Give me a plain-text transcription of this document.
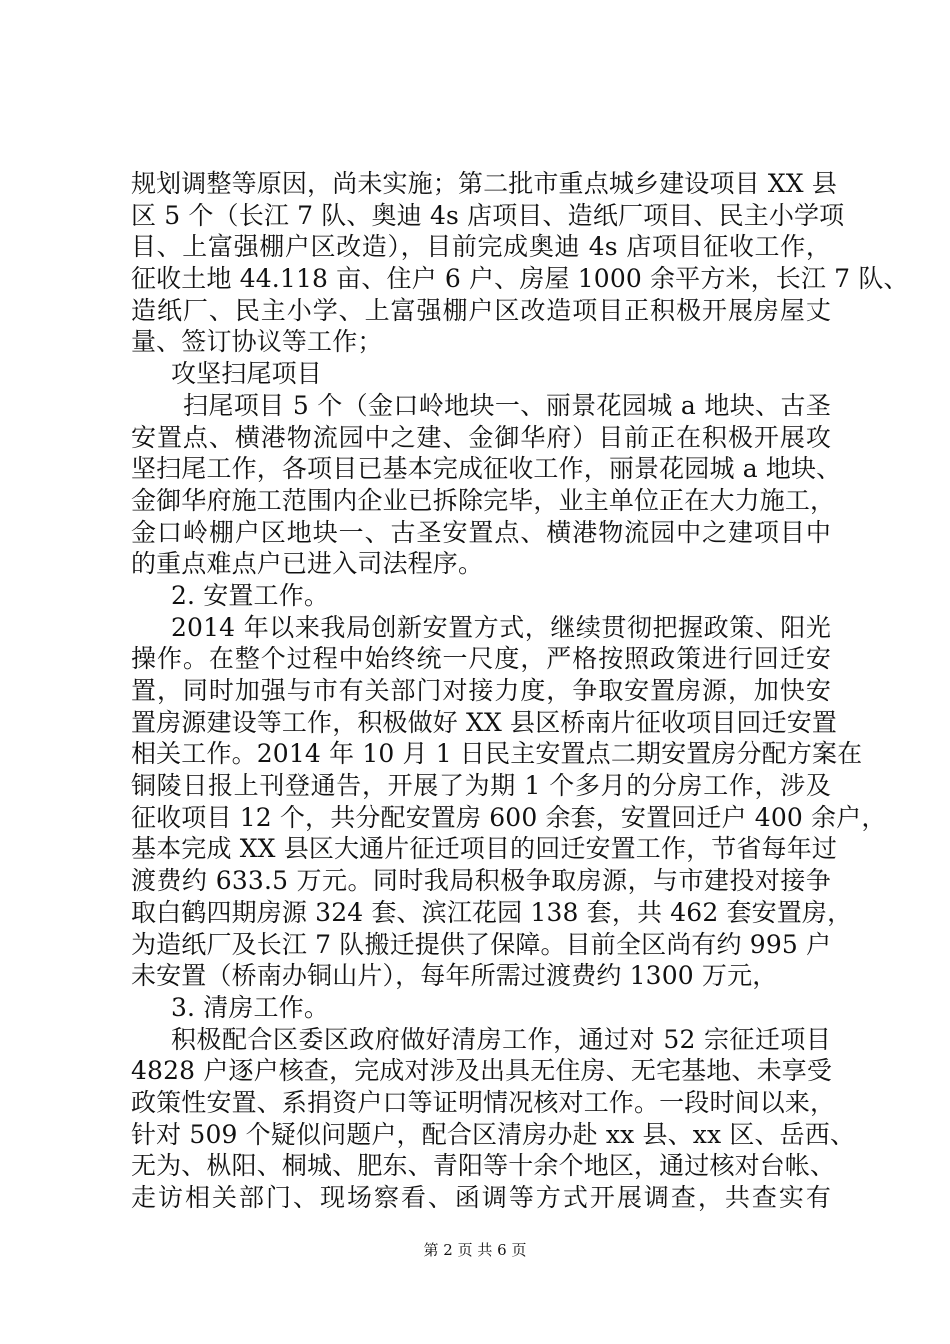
规划调整等原因，尚未实施；第二批市重点城乡建设项目 XX 县
区 5 个（长江 7 队、奥迪 4s 店项目、造纸厂项目、民主小学项
目、上富强棚户区改造），目前完成奥迪 4s 店项目征收工作，
征收土地 44.118 亩、住户 6 户、房屋 1000 余平方米，长江 7 队、
造纸厂、民主小学、上富强棚户区改造项目正积极开展房屋丈
量、签订协议等工作；
攻坚扫尾项目
扫尾项目 5 个（金口岭地块一、丽景花园城 a 地块、古圣
安置点、横港物流园中之建、金御华府）目前正在积极开展攻
坚扫尾工作，各项目已基本完成征收工作，丽景花园城 a 地块、
金御华府施工范围内企业已拆除完毕，业主单位正在大力施工，
金口岭棚户区地块一、古圣安置点、横港物流园中之建项目中
的重点难点户已进入司法程序。
2. 安置工作。
2014 年以来我局创新安置方式，继续贯彻把握政策、阳光
操作。在整个过程中始终统一尺度，严格按照政策进行回迁安
置，同时加强与市有关部门对接力度，争取安置房源，加快安
置房源建设等工作，积极做好 XX 县区桥南片征收项目回迁安置
相关工作。2014 年 10 月 1 日民主安置点二期安置房分配方案在
铜陵日报上刊登通告，开展了为期 1 个多月的分房工作，涉及
征收项目 12 个，共分配安置房 600 余套，安置回迁户 400 余户，
基本完成 XX 县区大通片征迁项目的回迁安置工作，节省每年过
渡费约 633.5 万元。同时我局积极争取房源，与市建投对接争
取白鹤四期房源 324 套、滨江花园 138 套，共 462 套安置房，
为造纸厂及长江 7 队搬迁提供了保障。目前全区尚有约 995 户
未安置（桥南办铜山片），每年所需过渡费约 1300 万元，
3. 清房工作。
积极配合区委区政府做好清房工作，通过对 52 宗征迁项目
4828 户逐户核查，完成对涉及出具无住房、无宅基地、未享受
政策性安置、系捐资户口等证明情况核对工作。一段时间以来，
针对 509 个疑似问题户，配合区清房办赴 xx 县、xx 区、岳西、
无为、枞阳、桐城、肥东、青阳等十余个地区，通过核对台帐、
走访相关部门、现场察看、函调等方式开展调查，共查实有
第 2 页 共 6 页
